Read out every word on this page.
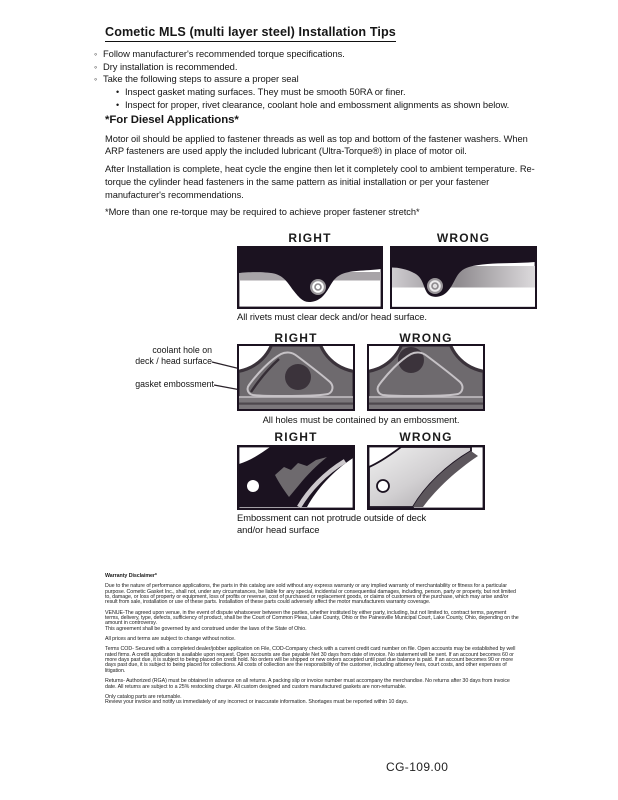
Cometic MLS (multi layer steel) Installation Tips
◦
Follow manufacturer's recommended torque specifications.
◦
Dry installation is recommended.
◦
Take the following steps to assure a proper seal
•
Inspect gasket mating surfaces. They must be smooth 50RA or finer.
•
Inspect for proper, rivet clearance, coolant hole and embossment alignments as shown below.
*For Diesel Applications*

Motor oil should be applied to fastener threads as well as top and bottom of the fastener washers. When ARP fasteners are used apply the included lubricant (Ultra-Torque®) in place of motor oil.

After Installation is complete, heat cycle the engine then let it completely cool to ambient temperature. Re-torque the cylinder head fasteners in the same pattern as initial installation or per your fastener manufacturer's recommendations.

*More than one re-torque may be required to achieve proper fastener stretch*

RIGHT	WRONG
All rivets must clear deck and/or head surface.
RIGHT	WRONG
coolant hole on
deck / head surface
gasket embossment
All holes must be contained by an embossment.
RIGHT	WRONG
Embossment can not protrude outside of deck
and/or head surface
Warranty Disclaimer*

Due to the nature of performance applications, the parts in this catalog are sold without any express warranty or any implied warranty of merchantability or fitness for a particular purpose. Cometic Gasket Inc., shall not, under any circumstances, be liable for any special, incidental or consequential damages, including, person, party or property, but not limited to, damage, or loss of property or equipment, loss of profits or revenue, cost of purchased or replacement goods, or claims of customers of the purchase, which may arise and/or result from sale, installation or use of these parts. Installation of these parts could adversely affect the motor manufacturers warranty coverage.

VENUE-The agreed upon venue, in the event of dispute whatsoever between the parties, whether instituted by either party, including, but not limited to, contract terms, payment terms, delivery, type, defects, sufficiency of product, shall be the Court of Common Pleas, Lake County, Ohio or the Painesville Municipal Court, Lake County, Ohio, depending on the amount in controversy.
This agreement shall be governed by and construed under the laws of the State of Ohio.

All prices and terms are subject to change without notice.

Terms COD- Secured with a completed dealer/jobber application on File, COD-Company check with a current credit card number on file. Open accounts may be established by well rated firms. A credit application is available upon request. Open accounts are due payable Net 30 days from date of invoice. No statement will be sent. If an account becomes 60 or more days past due, it is subject to being placed on credit hold. No orders will be shipped or new orders accepted until past due balance is paid. If an account becomes 90 or more days past due, it is subject to being placed for collections. All costs of collection are the responsibility of the customer, including attorney fees, court costs, and other expenses of litigation.

Returns- Authorized (RGA) must be obtained in advance on all returns. A packing slip or invoice number must accompany the merchandise. No returns after 30 days from invoice date. All returns are subject to a 25% restocking charge. All custom designed and custom manufactured gaskets are non-returnable.

Only catalog parts are returnable.
Review your invoice and notify us immediately of any incorrect or inaccurate information. Shortages must be reported within 10 days.

CG-109.00
